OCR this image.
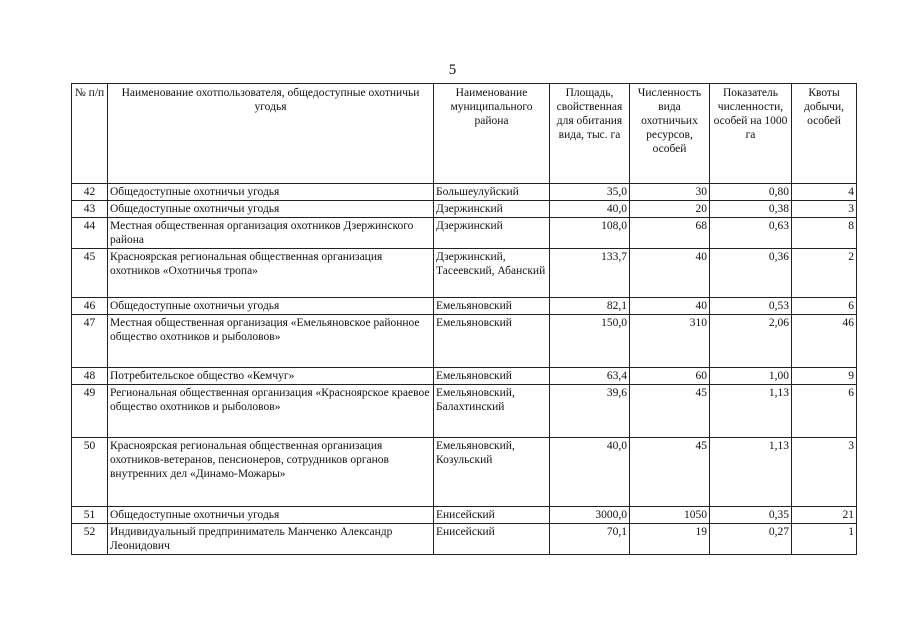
5
№ п/п	Наименование охотпользователя, общедоступные охотничьи угодья	Наименование муниципального района	Площадь, свойственная для обитания вида, тыс. га	Численность вида охотничьих ресурсов, особей	Показатель численности, особей на 1000 га	Квоты добычи, особей
42	Общедоступные охотничьи угодья	Большеулуйский	35,0	30	0,80	4
43	Общедоступные охотничьи угодья	Дзержинский	40,0	20	0,38	3
44	Местная общественная организация охотников Дзержинского района	Дзержинский	108,0	68	0,63	8
45	Красноярская региональная общественная организация охотников «Охотничья тропа»	Дзержинский, Тасеевский, Абанский	133,7	40	0,36	2
46	Общедоступные охотничьи угодья	Емельяновский	82,1	40	0,53	6
47	Местная общественная организация «Емельяновское районное общество охотников и рыболовов»	Емельяновский	150,0	310	2,06	46
48	Потребительское общество «Кемчуг»	Емельяновский	63,4	60	1,00	9
49	Региональная общественная организация «Красноярское краевое общество охотников и рыболовов»	Емельяновский, Балахтинский	39,6	45	1,13	6
50	Красноярская региональная общественная организация охотников-ветеранов, пенсионеров, сотрудников органов внутренних дел «Динамо-Можары»	Емельяновский, Козульский	40,0	45	1,13	3
51	Общедоступные охотничьи угодья	Енисейский	3000,0	1050	0,35	21
52	Индивидуальный предприниматель Манченко Александр Леонидович	Енисейский	70,1	19	0,27	1
